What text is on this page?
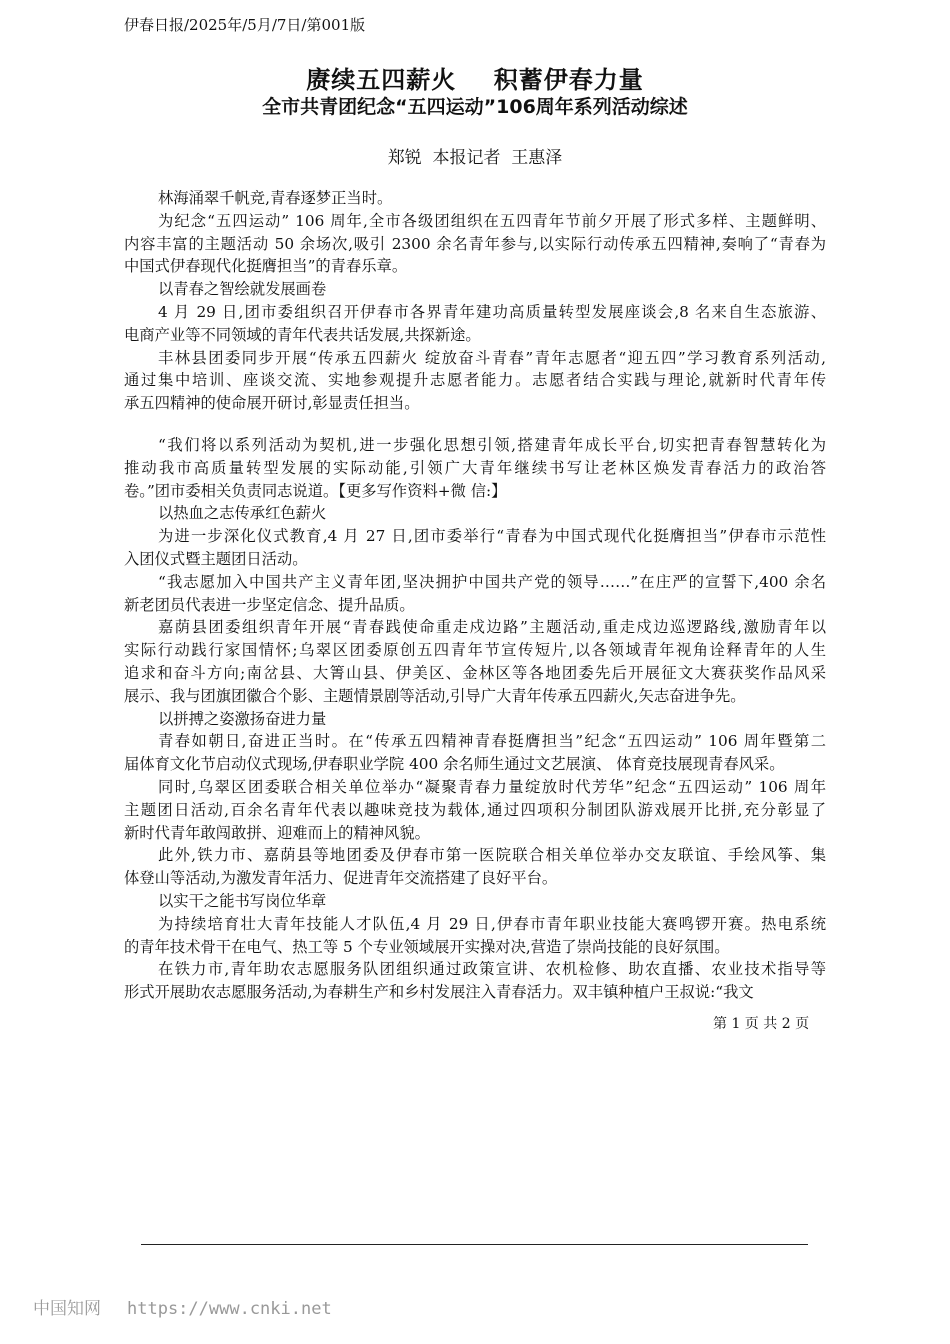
伊春日报/2025年/5月/7日/第001版
赓续五四薪火    积蓄伊春力量
全市共青团纪念“五四运动”106周年系列活动综述
郑锐  本报记者  王惠泽
林海涌翠千帆竞,青春逐梦正当时。
为纪念“五四运动” 106 周年,全市各级团组织在五四青年节前夕开展了形式多样、主题鲜明、
内容丰富的主题活动 50 余场次,吸引 2300 余名青年参与,以实际行动传承五四精神,奏响了“青春为
中国式伊春现代化挺膺担当”的青春乐章。
以青春之智绘就发展画卷
4 月 29 日,团市委组织召开伊春市各界青年建功高质量转型发展座谈会,8 名来自生态旅游、
电商产业等不同领域的青年代表共话发展,共探新途。
丰林县团委同步开展“传承五四薪火 绽放奋斗青春”青年志愿者“迎五四”学习教育系列活动,
通过集中培训、座谈交流、实地参观提升志愿者能力。志愿者结合实践与理论,就新时代青年传
承五四精神的使命展开研讨,彰显责任担当。
“我们将以系列活动为契机,进一步强化思想引领,搭建青年成长平台,切实把青春智慧转化为
推动我市高质量转型发展的实际动能,引领广大青年继续书写让老林区焕发青春活力的政治答
卷。”团市委相关负责同志说道。【更多写作资料+微 信:】
以热血之志传承红色薪火
为进一步深化仪式教育,4 月 27 日,团市委举行“青春为中国式现代化挺膺担当”伊春市示范性
入团仪式暨主题团日活动。
“我志愿加入中国共产主义青年团,坚决拥护中国共产党的领导……”在庄严的宣誓下,400 余名
新老团员代表进一步坚定信念、提升品质。
嘉荫县团委组织青年开展“青春践使命重走戍边路”主题活动,重走戍边巡逻路线,激励青年以
实际行动践行家国情怀;乌翠区团委原创五四青年节宣传短片,以各领域青年视角诠释青年的人生
追求和奋斗方向;南岔县、大箐山县、伊美区、金林区等各地团委先后开展征文大赛获奖作品风采
展示、我与团旗团徽合个影、主题情景剧等活动,引导广大青年传承五四薪火,矢志奋进争先。
以拼搏之姿激扬奋进力量
青春如朝日,奋进正当时。在“传承五四精神青春挺膺担当”纪念“五四运动” 106 周年暨第二
届体育文化节启动仪式现场,伊春职业学院 400 余名师生通过文艺展演、 体育竞技展现青春风采。
同时,乌翠区团委联合相关单位举办“凝聚青春力量绽放时代芳华”纪念“五四运动” 106 周年
主题团日活动,百余名青年代表以趣味竞技为载体,通过四项积分制团队游戏展开比拼,充分彰显了
新时代青年敢闯敢拼、迎难而上的精神风貌。
此外,铁力市、嘉荫县等地团委及伊春市第一医院联合相关单位举办交友联谊、手绘风筝、集
体登山等活动,为激发青年活力、促进青年交流搭建了良好平台。
以实干之能书写岗位华章
为持续培育壮大青年技能人才队伍,4 月 29 日,伊春市青年职业技能大赛鸣锣开赛。热电系统
的青年技术骨干在电气、热工等 5 个专业领域展开实操对决,营造了崇尚技能的良好氛围。
在铁力市,青年助农志愿服务队团组织通过政策宣讲、农机检修、助农直播、农业技术指导等
形式开展助农志愿服务活动,为春耕生产和乡村发展注入青春活力。双丰镇种植户王叔说:“我文
第 1 页 共 2 页
中国知网 https://www.cnki.net
